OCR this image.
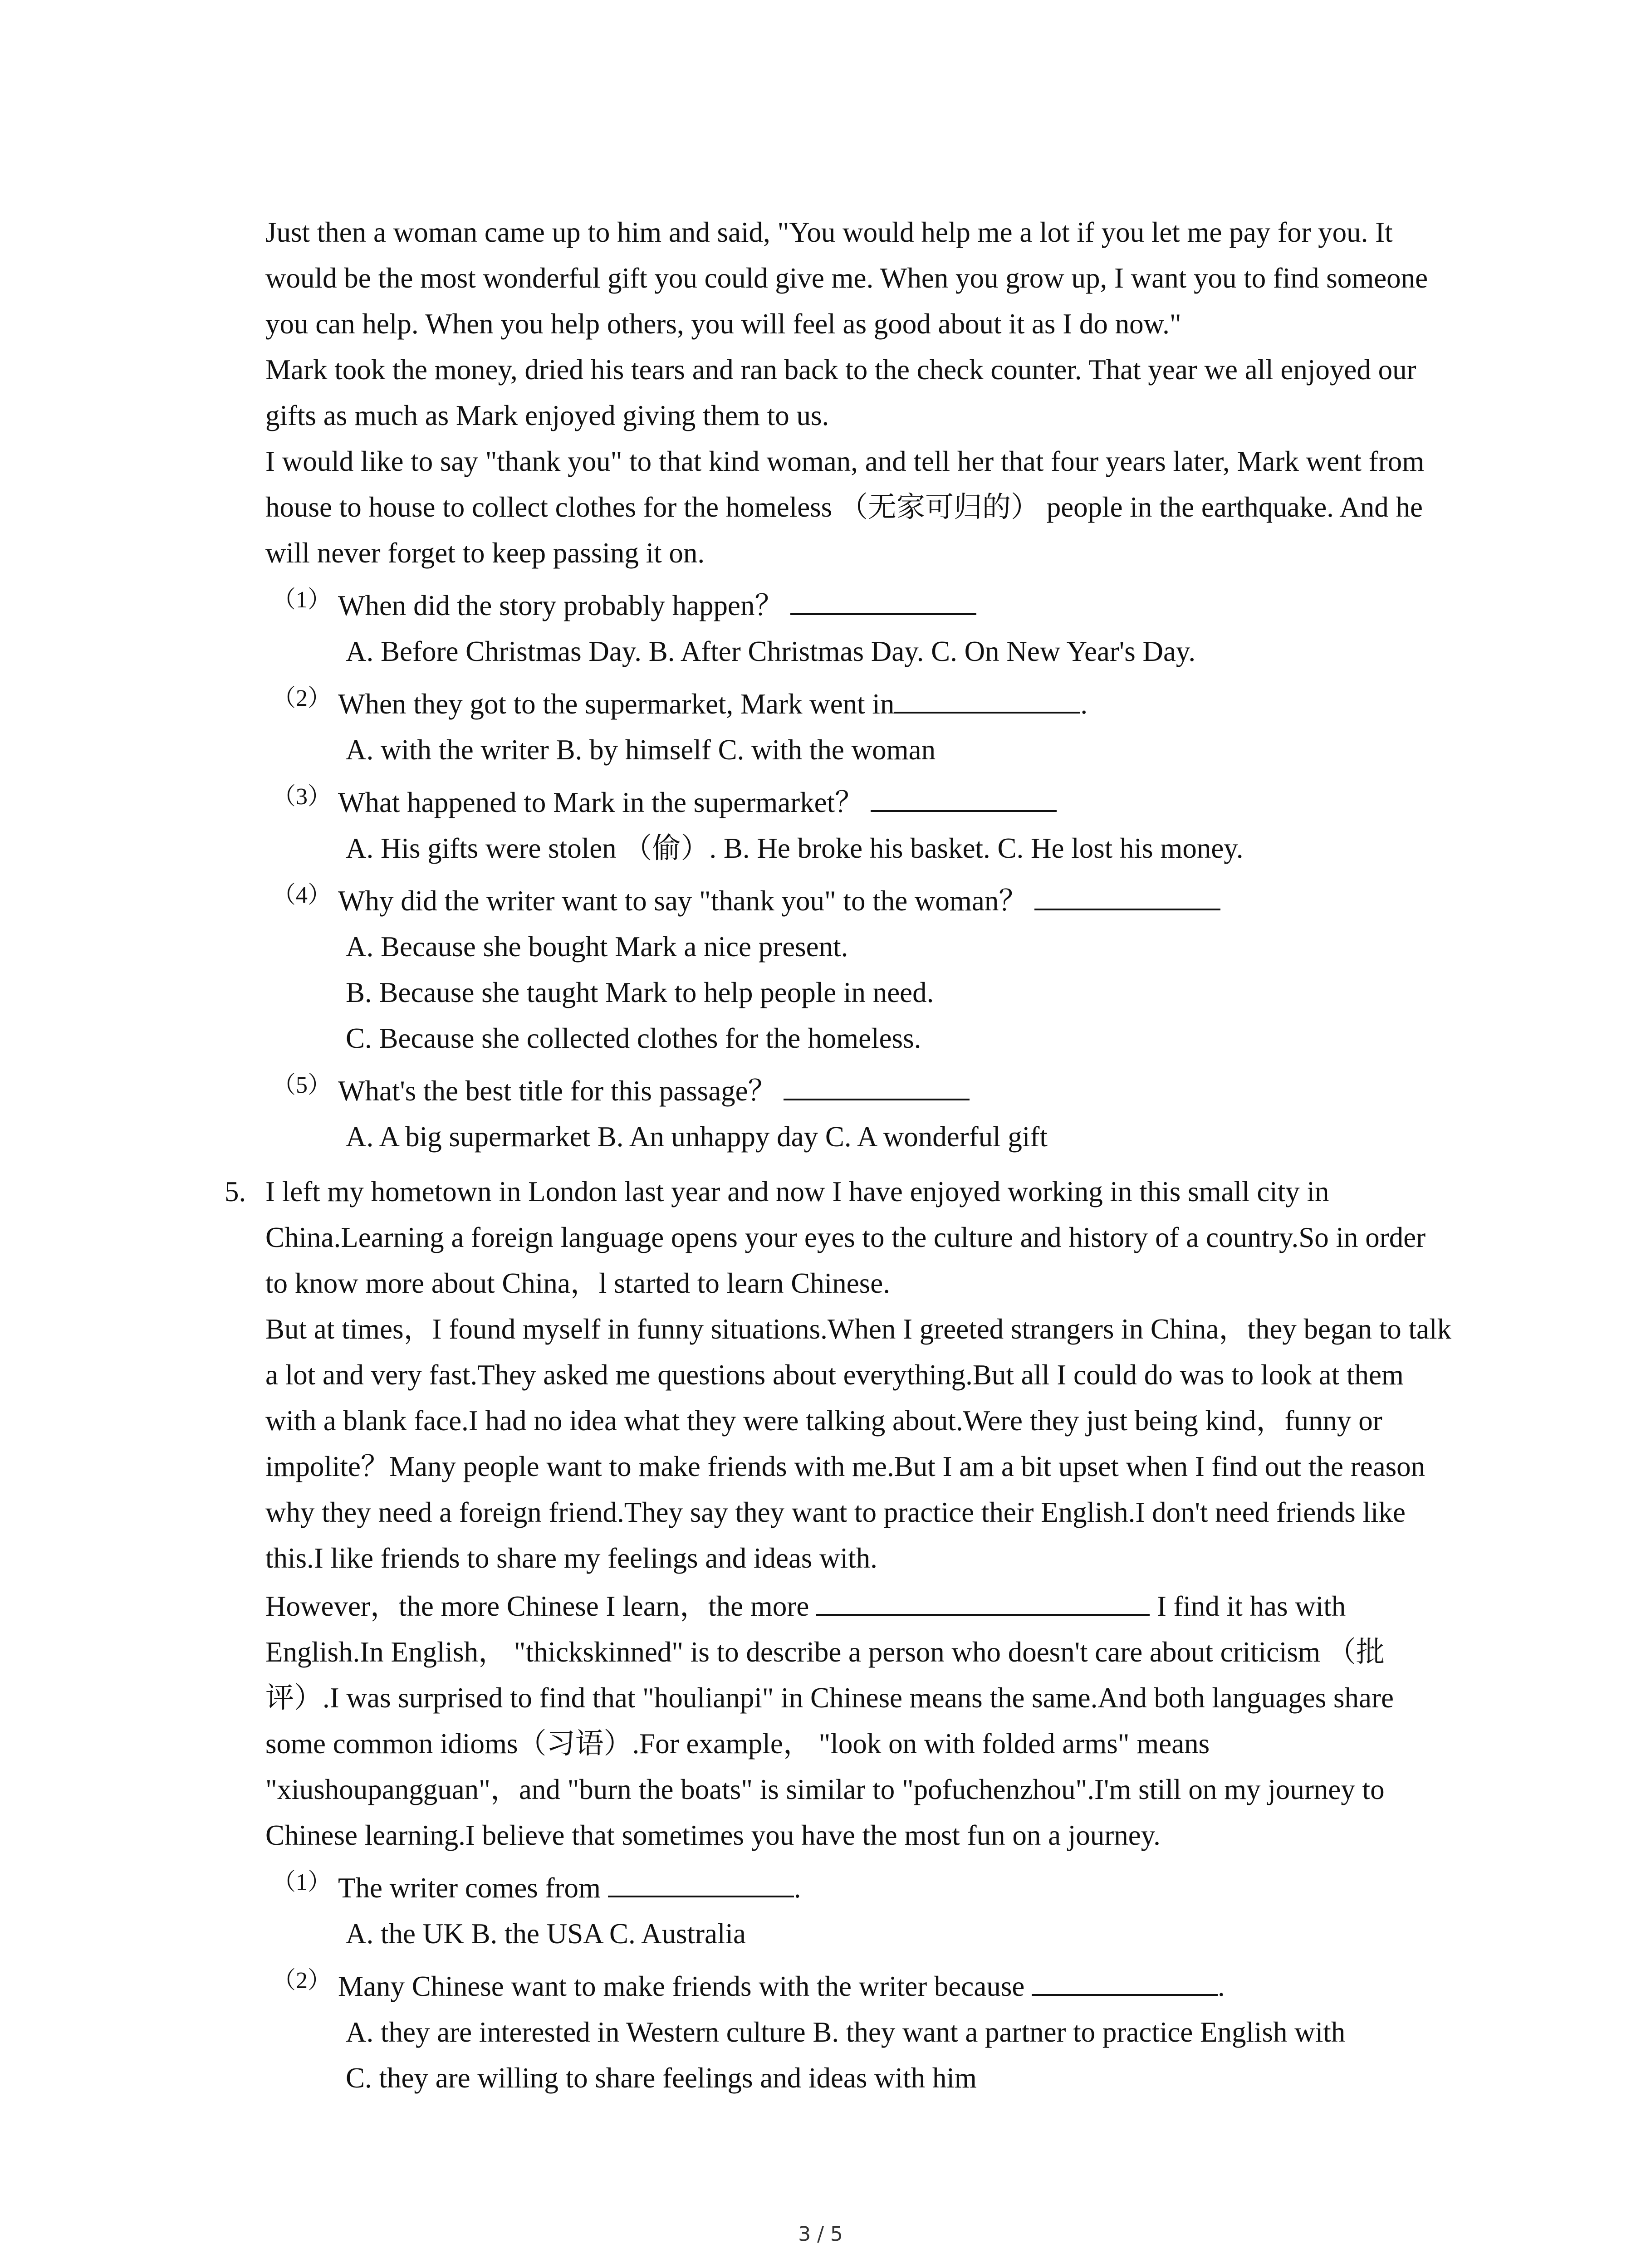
Just then a woman came up to him and said, "You would help me a lot if you let me pay for you. It would be the most wonderful gift you could give me. When you grow up, I want you to find someone you can help. When you help others, you will feel as good about it as I do now."

Mark took the money, dried his tears and ran back to the check counter. That year we all enjoyed our gifts as much as Mark enjoyed giving them to us.

I would like to say "thank you" to that kind woman, and tell her that four years later, Mark went from house to house to collect clothes for the homeless （无家可归的） people in the earthquake. And he will never forget to keep passing it on.

（1） When did the story probably happen？
A. Before Christmas Day. B. After Christmas Day. C. On New Year's Day.
（2） When they got to the supermarket, Mark went in	.
A. with the writer B. by himself C. with the woman
（3） What happened to Mark in the supermarket？
A. His gifts were stolen （偷）. B. He broke his basket. C. He lost his money.
（4） Why did the writer want to say "thank you" to the woman？
A. Because she bought Mark a nice present.
B. Because she taught Mark to help people in need.
C. Because she collected clothes for the homeless.
（5） What's the best title for this passage？
A. A big supermarket B. An unhappy day C. A wonderful gift
5. I left my hometown in London last year and now I have enjoyed working in this small city in China.Learning a foreign language opens your eyes to the culture and history of a country.So in order to know more about China，l started to learn Chinese.

But at times，I found myself in funny situations.When I greeted strangers in China，they began to talk a lot and very fast.They asked me questions about everything.But all I could do was to look at them with a blank face.I had no idea what they were talking about.Were they just being kind，funny or impolite？Many people want to make friends with me.But I am a bit upset when I find out the reason why they need a foreign friend.They say they want to practice their English.I don't need friends like this.I like friends to share my feelings and ideas with.

However，the more Chinese I learn，the more	I find it has with English.In English， "thickskinned" is to describe a person who doesn't care about criticism （批评）.I was surprised to find that "houlianpi" in Chinese means the same.And both languages share some common idioms（习语）.For example， "look on with folded arms" means "xiushoupangguan"，and "burn the boats" is similar to "pofuchenzhou".I'm still on my journey to Chinese learning.I believe that sometimes you have the most fun on a journey.

（1） The writer comes from	.
A. the UK B. the USA C. Australia
（2） Many Chinese want to make friends with the writer because	.
A. they are interested in Western culture B. they want a partner to practice English with
C. they are willing to share feelings and ideas with him
3 / 5
